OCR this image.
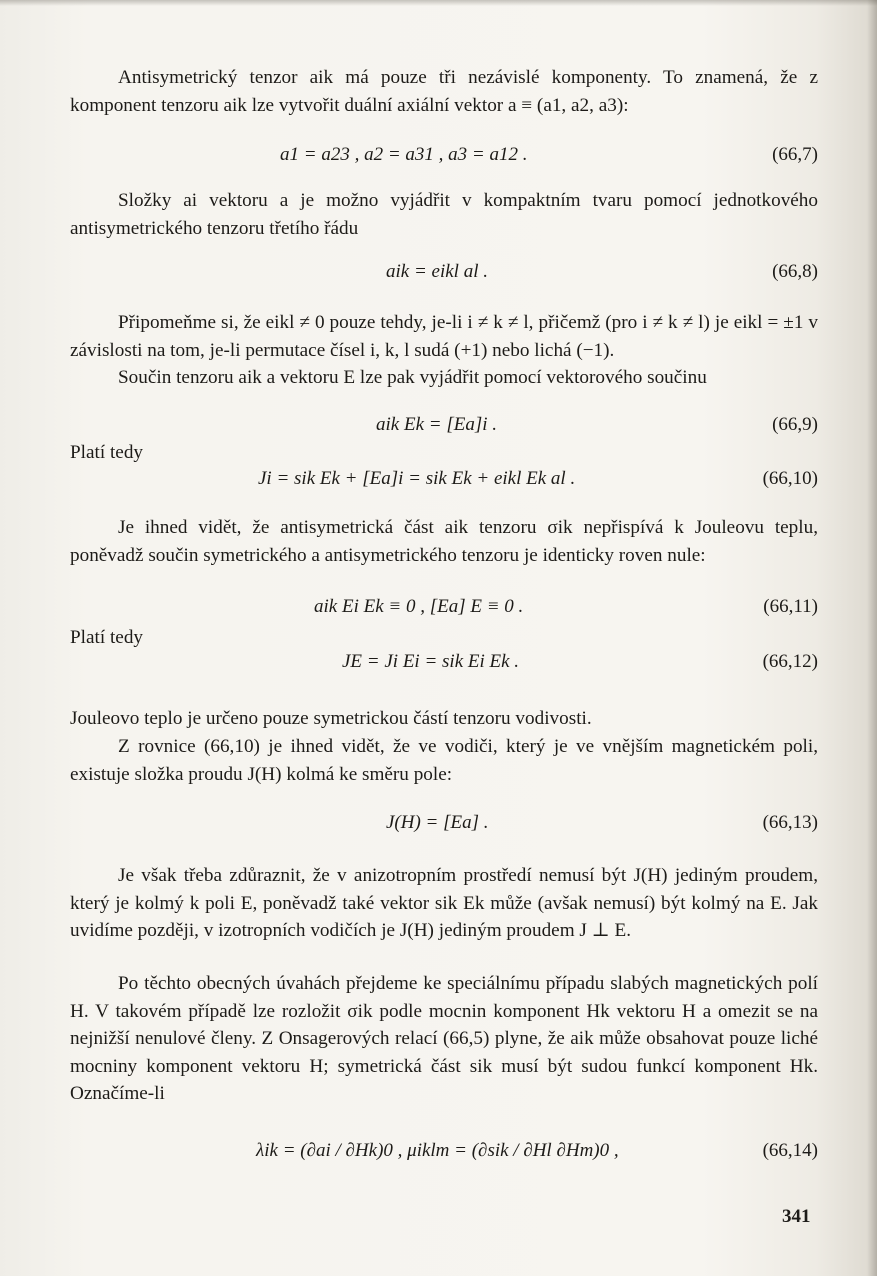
Antisymetrický tenzor aik má pouze tři nezávislé komponenty. To znamená, že z komponent tenzoru aik lze vytvořit duální axiální vektor a ≡ (a1, a2, a3):

a1 = a23 , a2 = a31 , a3 = a12 .	(66,7)

Složky ai vektoru a je možno vyjádřit v kompaktním tvaru pomocí jednotkového antisymetrického tenzoru třetího řádu

aik = eikl al .	(66,8)

Připomeňme si, že eikl ≠ 0 pouze tehdy, je-li i ≠ k ≠ l, přičemž (pro i ≠ k ≠ l) je eikl = ±1 v závislosti na tom, je-li permutace čísel i, k, l sudá (+1) nebo lichá (−1).

Součin tenzoru aik a vektoru E lze pak vyjádřit pomocí vektorového součinu

aik Ek = [Ea]i .	(66,9)
Platí tedy
Ji = sik Ek + [Ea]i = sik Ek + eikl Ek al .	(66,10)

Je ihned vidět, že antisymetrická část aik tenzoru σik nepřispívá k Jouleovu teplu, poněvadž součin symetrického a antisymetrického tenzoru je identicky roven nule:

aik Ei Ek ≡ 0 , [Ea] E ≡ 0 .	(66,11)
Platí tedy
JE = Ji Ei = sik Ei Ek .	(66,12)

Jouleovo teplo je určeno pouze symetrickou částí tenzoru vodivosti.

Z rovnice (66,10) je ihned vidět, že ve vodiči, který je ve vnějším magnetickém poli, existuje složka proudu J(H) kolmá ke směru pole:

J(H) = [Ea] .	(66,13)

Je však třeba zdůraznit, že v anizotropním prostředí nemusí být J(H) jediným proudem, který je kolmý k poli E, poněvadž také vektor sik Ek může (avšak nemusí) být kolmý na E. Jak uvidíme později, v izotropních vodičích je J(H) jediným proudem J ⊥ E.

Po těchto obecných úvahách přejdeme ke speciálnímu případu slabých magnetických polí H. V takovém případě lze rozložit σik podle mocnin komponent Hk vektoru H a omezit se na nejnižší nenulové členy. Z Onsagerových relací (66,5) plyne, že aik může obsahovat pouze liché mocniny komponent vektoru H; symetrická část sik musí být sudou funkcí komponent Hk. Označíme-li

λik = (∂ai / ∂Hk)0 , μiklm = (∂sik / ∂Hl ∂Hm)0 ,	(66,14)
341
